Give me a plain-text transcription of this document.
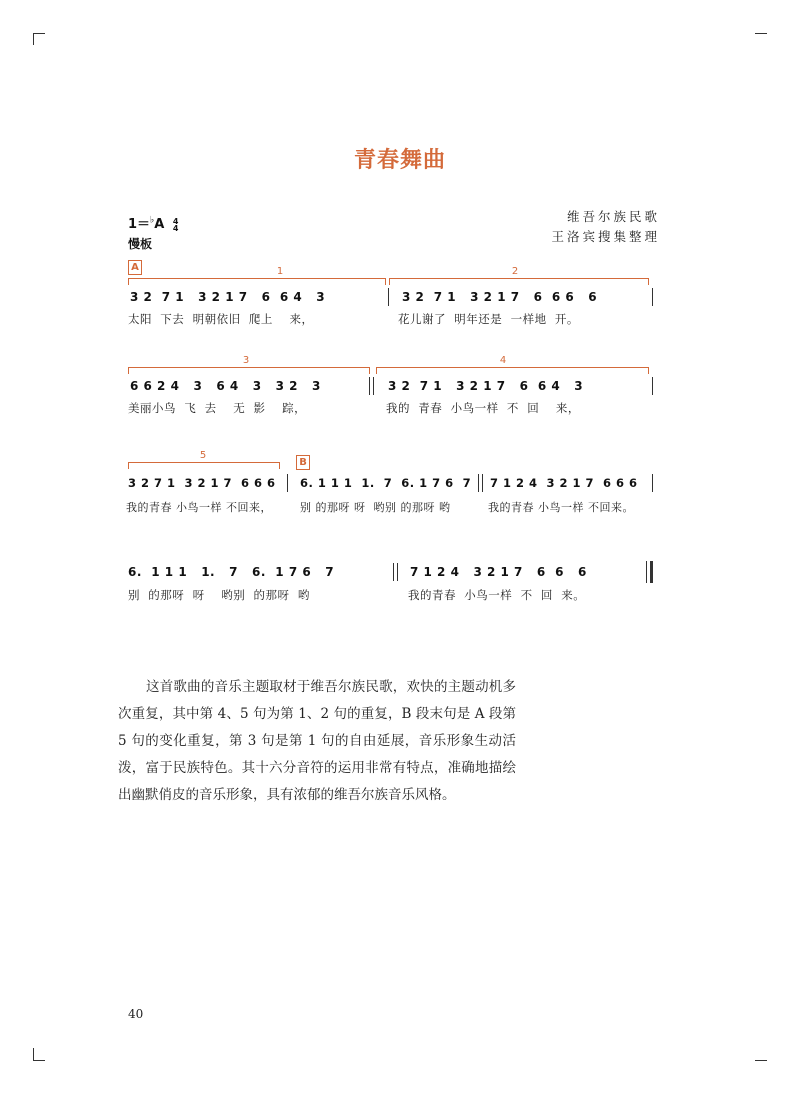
青春舞曲
1＝♭A 4
4
慢板
维吾尔族民歌
王洛宾搜集整理
A	1	2
3 2  7 1   3 2 1 7   6  6 4   3	3 2  7 1   3 2 1 7   6  6 6   6
太阳  下去  明朝依旧  爬上    来，	花儿谢了  明年还是  一样地  开。
3	4
6 6 2 4   3   6 4   3   3 2   3	3 2  7 1   3 2 1 7   6  6 4   3
美丽小鸟  飞  去    无  影    踪，	我的  青春  小鸟一样  不  回    来，
5
B
3 2 7 1  3 2 1 7  6 6 6 6. 1 1 1  1.  7  6. 1 7 6  7 7 1 2 4  3 2 1 7  6 6 6
我的青春 小鸟一样 不回来，	别 的那呀 呀  哟别 的那呀 哟	我的青春 小鸟一样 不回来。
6.  1 1 1   1.   7   6.  1 7 6   7	7 1 2 4   3 2 1 7   6  6   6
别  的那呀  呀    哟别  的那呀  哟	我的青春  小鸟一样  不  回  来。
这首歌曲的音乐主题取材于维吾尔族民歌，欢快的主题动机多次重复，其中第 4、5 句为第 1、2 句的重复，B 段末句是 A 段第 5 句的变化重复，第 3 句是第 1 句的自由延展，音乐形象生动活泼，富于民族特色。其十六分音符的运用非常有特点，准确地描绘出幽默俏皮的音乐形象，具有浓郁的维吾尔族音乐风格。
40
